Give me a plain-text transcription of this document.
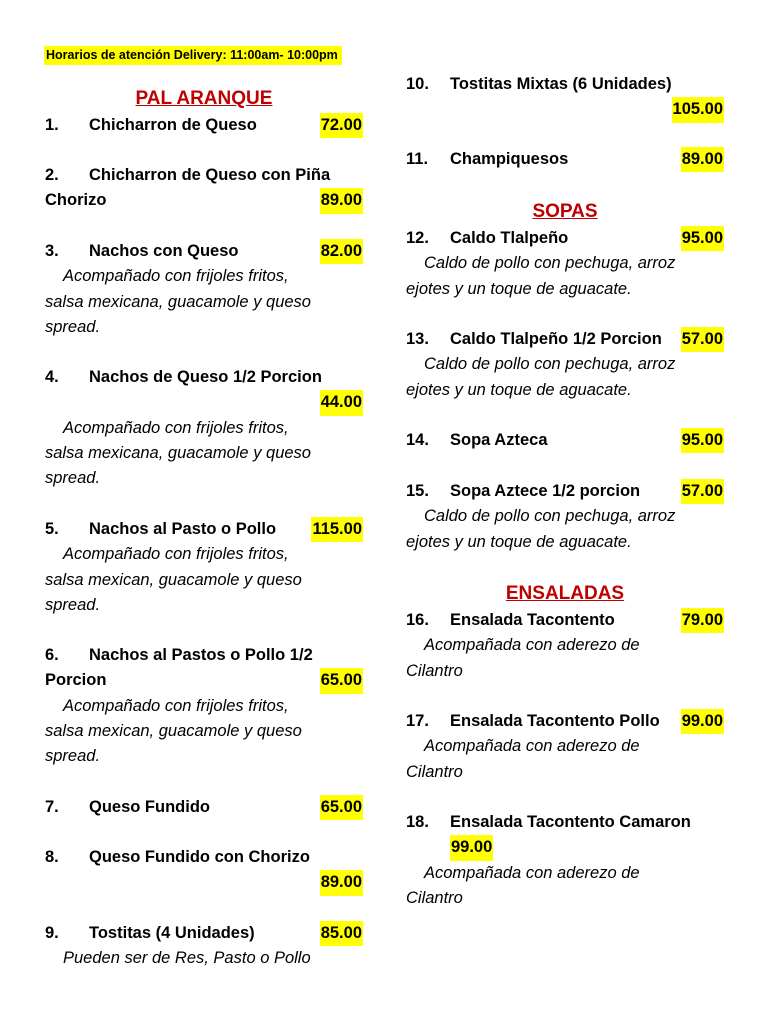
Horarios de atención Delivery: 11:00am- 10:00pm
PAL ARANQUE
1. Chicharron de Queso	72.00
2. Chicharron de Queso con Piña
Chorizo	89.00
3. Nachos con Queso	82.00
Acompañado con frijoles fritos,
salsa mexicana, guacamole y queso
spread.
4. Nachos de Queso 1/2 Porcion
44.00
Acompañado con frijoles fritos,
salsa mexicana, guacamole y queso
spread.
5. Nachos al Pasto o Pollo 115.00
Acompañado con frijoles fritos,
salsa mexican, guacamole y queso
spread.
6. Nachos al Pastos o Pollo 1/2
Porcion	65.00
Acompañado con frijoles fritos,
salsa mexican, guacamole y queso
spread.
7. Queso Fundido	65.00
8. Queso Fundido con Chorizo
89.00
9. Tostitas (4 Unidades)	85.00
Pueden ser de Res, Pasto o Pollo
10. Tostitas Mixtas (6 Unidades)
105.00
11. Champiquesos	89.00
SOPAS
12. Caldo Tlalpeño	95.00
Caldo de pollo con pechuga, arroz
ejotes y un toque de aguacate.
13. Caldo Tlalpeño 1/2 Porcion 57.00
Caldo de pollo con pechuga, arroz
ejotes y un toque de aguacate.
14. Sopa Azteca	95.00
15. Sopa Aztece 1/2 porcion	57.00
Caldo de pollo con pechuga, arroz
ejotes y un toque de aguacate.
ENSALADAS
16. Ensalada Tacontento	79.00
Acompañada con aderezo de
Cilantro
17. Ensalada Tacontento Pollo 99.00
Acompañada con aderezo de
Cilantro
18. Ensalada Tacontento Camaron
99.00
Acompañada con aderezo de
Cilantro
